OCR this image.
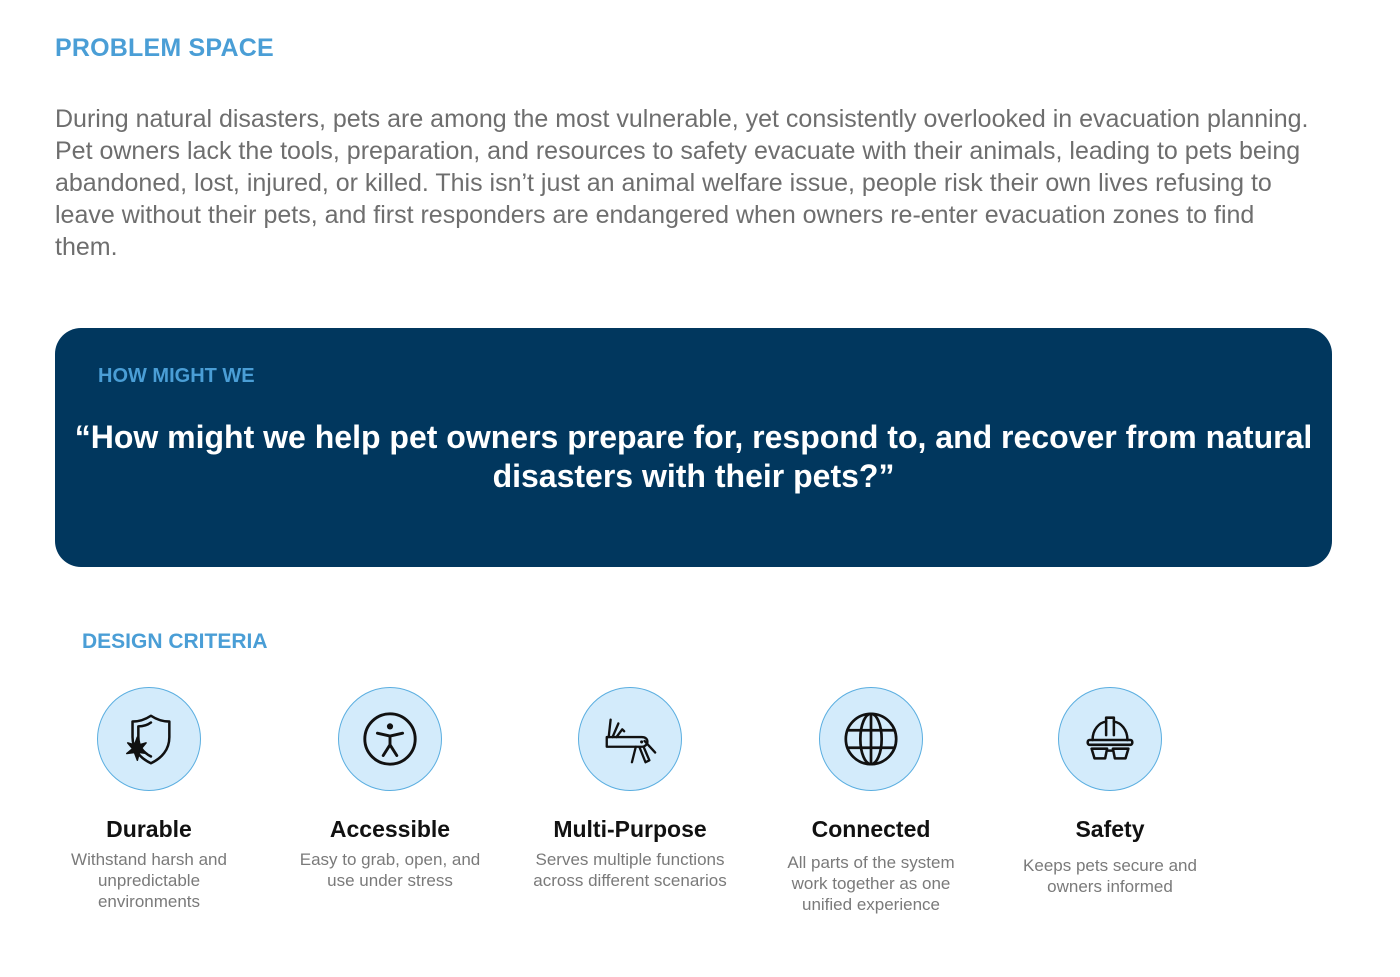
PROBLEM SPACE

During natural disasters, pets are among the most vulnerable, yet consistently overlooked in evacuation planning. Pet owners lack the tools, preparation, and resources to safety evacuate with their animals, leading to pets being abandoned, lost, injured, or killed. This isn’t just an animal welfare issue, people risk their own lives refusing to leave without their pets, and first responders are endangered when owners re-enter evacuation zones to find them.

HOW MIGHT WE

“How might we help pet owners prepare for, respond to, and recover from natural disasters with their pets?”

DESIGN CRITERIA
Durable
Withstand harsh and unpredictable environments
Accessible
Easy to grab, open, and use under stress
Multi-Purpose
Serves multiple functions across different scenarios
Connected
All parts of the system work together as one unified experience
Safety
Keeps pets secure and owners informed
